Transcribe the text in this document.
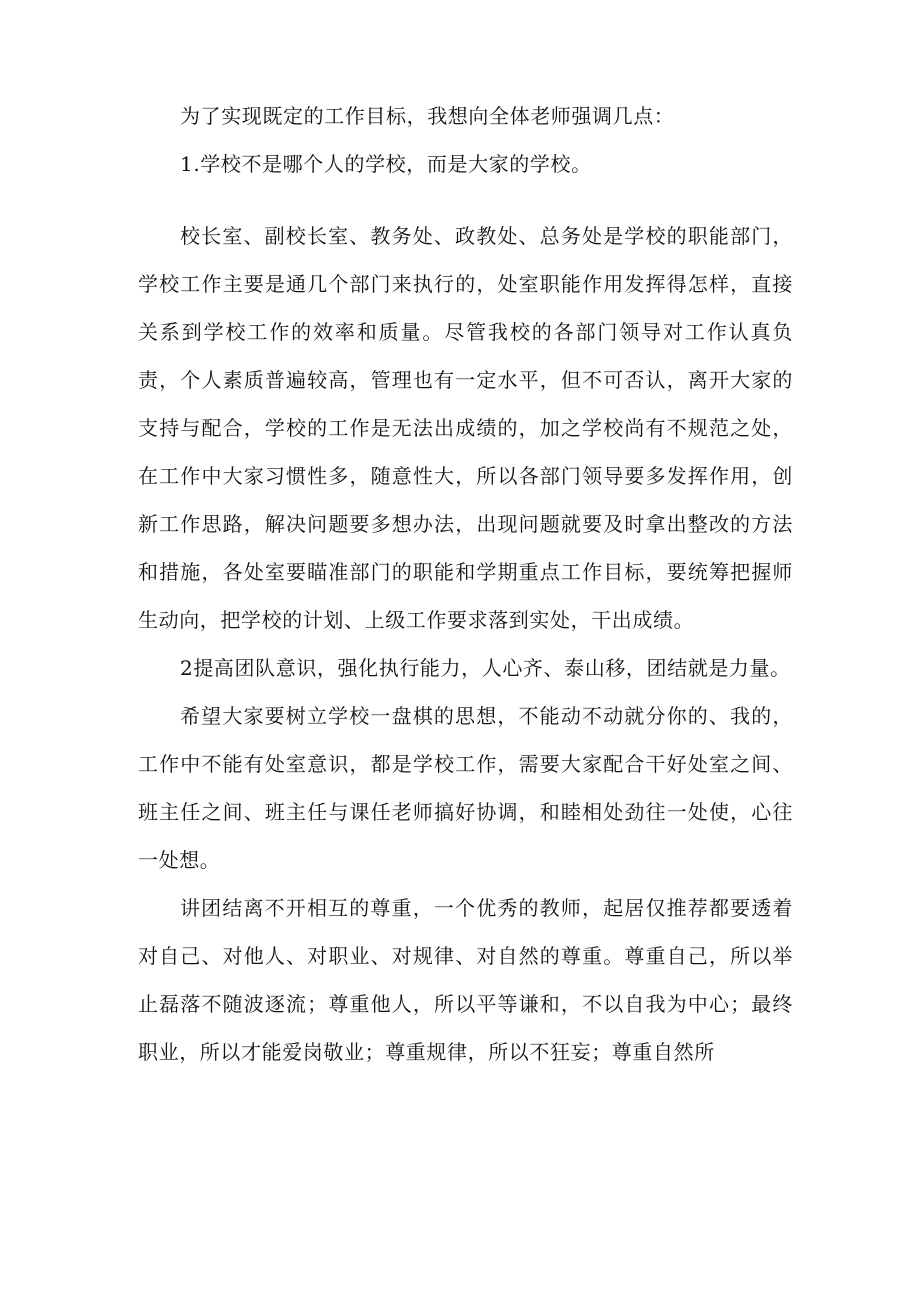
为了实现既定的工作目标，我想向全体老师强调几点：

1.学校不是哪个人的学校，而是大家的学校。

校长室、副校长室、教务处、政教处、总务处是学校的职能部门，学校工作主要是通几个部门来执行的，处室职能作用发挥得怎样，直接关系到学校工作的效率和质量。尽管我校的各部门领导对工作认真负责，个人素质普遍较高，管理也有一定水平，但不可否认，离开大家的支持与配合，学校的工作是无法出成绩的，加之学校尚有不规范之处，在工作中大家习惯性多，随意性大，所以各部门领导要多发挥作用，创新工作思路，解决问题要多想办法，出现问题就要及时拿出整改的方法和措施，各处室要瞄准部门的职能和学期重点工作目标，要统筹把握师生动向，把学校的计划、上级工作要求落到实处，干出成绩。

2提高团队意识，强化执行能力，人心齐、泰山移，团结就是力量。

希望大家要树立学校一盘棋的思想，不能动不动就分你的、我的，工作中不能有处室意识，都是学校工作，需要大家配合干好处室之间、班主任之间、班主任与课任老师搞好协调，和睦相处劲往一处使，心往一处想。

讲团结离不开相互的尊重，一个优秀的教师，起居仅推荐都要透着对自己、对他人、对职业、对规律、对自然的尊重。尊重自己，所以举止磊落不随波逐流；尊重他人，所以平等谦和，不以自我为中心；最终职业，所以才能爱岗敬业；尊重规律，所以不狂妄；尊重自然所
